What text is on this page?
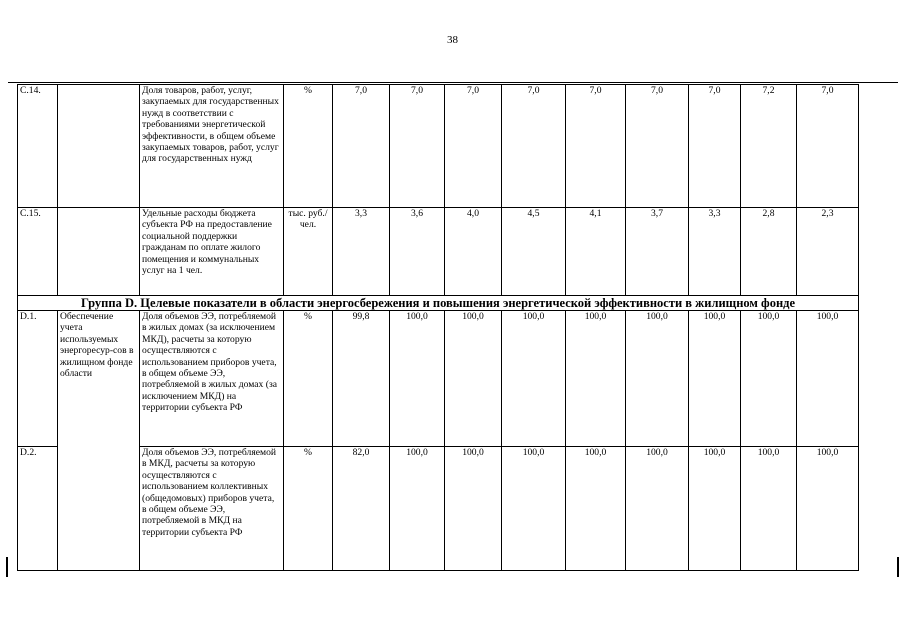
38
C.14.		Доля товаров, работ, услуг, закупаемых для государственных нужд в соответствии с требованиями энергетической эффективности, в общем объеме закупаемых товаров, работ, услуг для государственных нужд	%	7,0	7,0	7,0	7,0	7,0	7,0	7,0	7,2	7,0
C.15.		Удельные расходы бюджета субъекта РФ на предоставление социальной поддержки гражданам по оплате жилого помещения и коммунальных услуг на 1 чел.	тыс. руб./ чел.	3,3	3,6	4,0	4,5	4,1	3,7	3,3	2,8	2,3
Группа D. Целевые показатели в области энергосбережения и повышения энергетической эффективности в жилищном фонде												
D.1.	Обеспечение учета используемых энергоресур-сов в жилищном фонде области	Доля объемов ЭЭ, потребляемой в жилых домах (за исключением МКД), расчеты за которую осуществляются с использованием приборов учета, в общем объеме ЭЭ, потребляемой в жилых домах (за исключением МКД) на территории субъекта РФ	%	99,8	100,0	100,0	100,0	100,0	100,0	100,0	100,0	100,0
D.2.		Доля объемов ЭЭ, потребляемой в МКД, расчеты за которую осуществляются с использованием коллективных (общедомовых) приборов учета, в общем объеме ЭЭ, потребляемой в МКД на территории субъекта РФ	%	82,0	100,0	100,0	100,0	100,0	100,0	100,0	100,0	100,0
